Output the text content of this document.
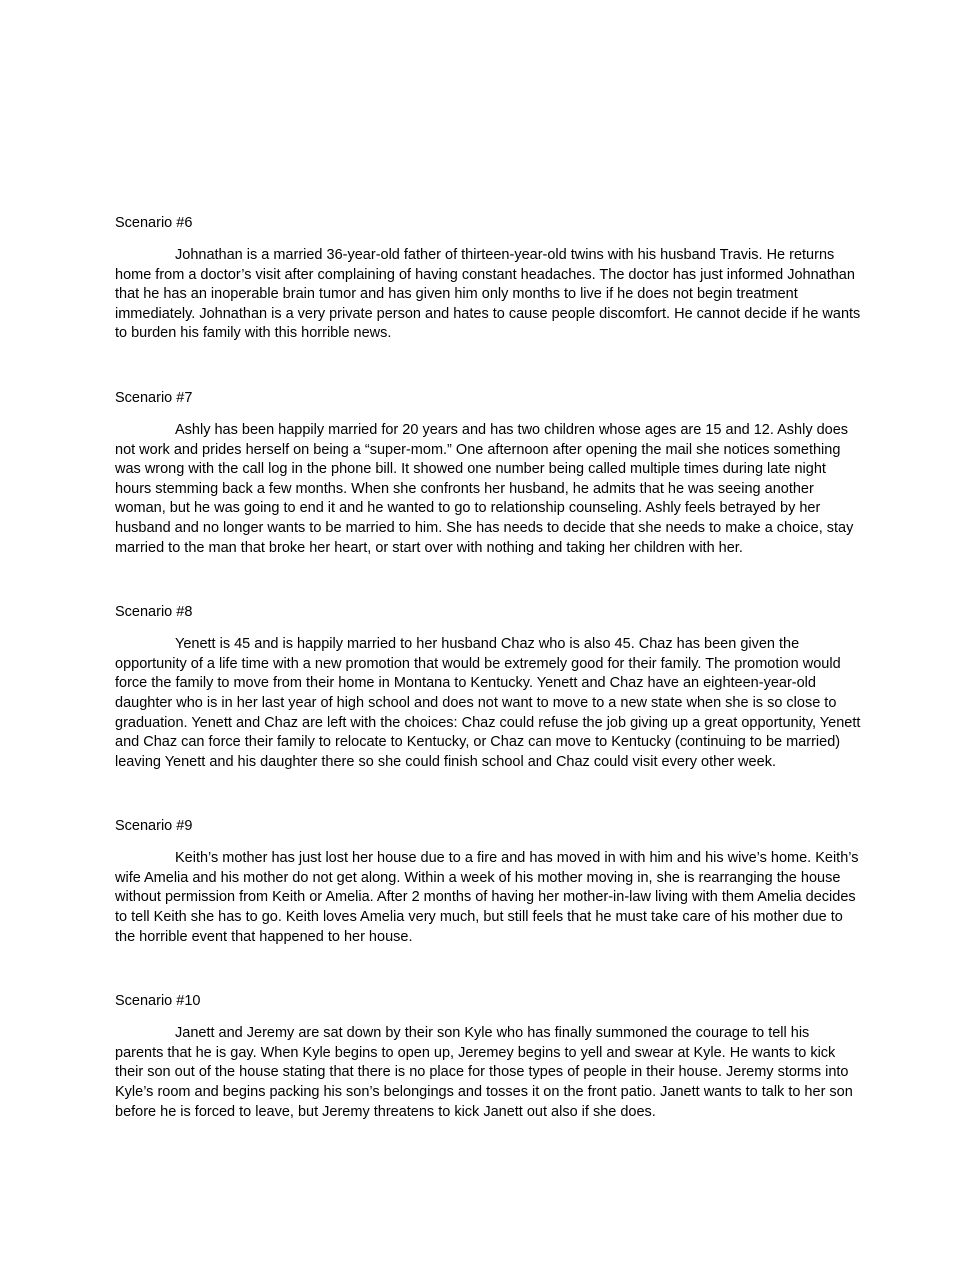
Scenario #6

Johnathan is a married 36-year-old father of thirteen-year-old twins with his husband Travis. He returns home from a doctor’s visit after complaining of having constant headaches. The doctor has just informed Johnathan that he has an inoperable brain tumor and has given him only months to live if he does not begin treatment immediately. Johnathan is a very private person and hates to cause people discomfort. He cannot decide if he wants to burden his family with this horrible news.

Scenario #7

Ashly has been happily married for 20 years and has two children whose ages are 15 and 12. Ashly does not work and prides herself on being a “super-mom.” One afternoon after opening the mail she notices something was wrong with the call log in the phone bill. It showed one number being called multiple times during late night hours stemming back a few months. When she confronts her husband, he admits that he was seeing another woman, but he was going to end it and he wanted to go to relationship counseling. Ashly feels betrayed by her husband and no longer wants to be married to him. She has needs to decide that she needs to make a choice, stay married to the man that broke her heart, or start over with nothing and taking her children with her.

Scenario #8

Yenett is 45 and is happily married to her husband Chaz who is also 45. Chaz has been given the opportunity of a life time with a new promotion that would be extremely good for their family. The promotion would force the family to move from their home in Montana to Kentucky. Yenett and Chaz have an eighteen-year-old daughter who is in her last year of high school and does not want to move to a new state when she is so close to graduation. Yenett and Chaz are left with the choices: Chaz could refuse the job giving up a great opportunity, Yenett and Chaz can force their family to relocate to Kentucky, or Chaz can move to Kentucky (continuing to be married) leaving Yenett and his daughter there so she could finish school and Chaz could visit every other week.

Scenario #9

Keith’s mother has just lost her house due to a fire and has moved in with him and his wive’s home. Keith’s wife Amelia and his mother do not get along. Within a week of his mother moving in, she is rearranging the house without permission from Keith or Amelia. After 2 months of having her mother-in-law living with them Amelia decides to tell Keith she has to go. Keith loves Amelia very much, but still feels that he must take care of his mother due to the horrible event that happened to her house.

Scenario #10

Janett and Jeremy are sat down by their son Kyle who has finally summoned the courage to tell his parents that he is gay. When Kyle begins to open up, Jeremey begins to yell and swear at Kyle. He wants to kick their son out of the house stating that there is no place for those types of people in their house. Jeremy storms into Kyle’s room and begins packing his son’s belongings and tosses it on the front patio. Janett wants to talk to her son before he is forced to leave, but Jeremy threatens to kick Janett out also if she does.
